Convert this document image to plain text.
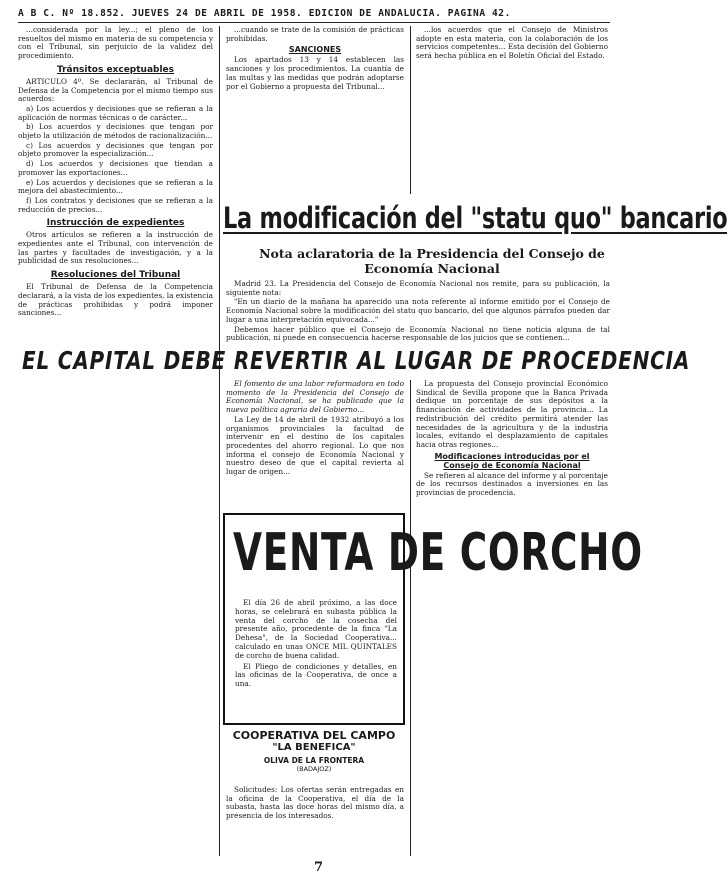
A B C. Nº 18.852. JUEVES 24 DE ABRIL DE 1958. EDICION DE ANDALUCIA. PAGINA 42.

...considerada por la ley...; el pleno de los resueltos del mismo en materia de su competencia y con el Tribunal, sin perjuicio de la validez del procedimiento.

Tránsitos exceptuables

ARTICULO 4º. Se declararán, al Tribunal de Defensa de la Competencia por el mismo tiempo sus acuerdos:

a) Los acuerdos y decisiones que se refieran a la aplicación de normas técnicas o de carácter...

b) Los acuerdos y decisiones que tengan por objeto la utilización de métodos de racionalización...

c) Los acuerdos y decisiones que tengan por objeto promover la especialización...

d) Los acuerdos y decisiones que tiendan a promover las exportaciones...

e) Los acuerdos y decisiones que se refieran a la mejora del abastecimiento...

f) Los contratos y decisiones que se refieran a la reducción de precios...

Instrucción de expedientes

Otros artículos se refieren a la instrucción de expedientes ante el Tribunal, con intervención de las partes y facultades de investigación, y a la publicidad de sus resoluciones...

Resoluciones del Tribunal

El Tribunal de Defensa de la Competencia declarará, a la vista de los expedientes, la existencia de prácticas prohibidas y podrá imponer sanciones...

...cuando se trate de la comisión de prácticas prohibidas.

SANCIONES

Los apartados 13 y 14 establecen las sanciones y los procedimientos. La cuantía de las multas y las medidas que podrán adoptarse por el Gobierno a propuesta del Tribunal...

...los acuerdos que el Consejo de Ministros adopte en esta materia, con la colaboración de los servicios competentes... Esta decisión del Gobierno será hecha pública en el Boletín Oficial del Estado.

La modificación del "statu quo" bancario
Nota aclaratoria de la Presidencia del Consejo de Economía Nacional

Madrid 23. La Presidencia del Consejo de Economía Nacional nos remite, para su publicación, la siguiente nota:

"En un diario de la mañana ha aparecido una nota referente al informe emitido por el Consejo de Economía Nacional sobre la modificación del statu quo bancario, del que algunos párrafos pueden dar lugar a una interpretación equivocada..."

Debemos hacer público que el Consejo de Economía Nacional no tiene noticia alguna de tal publicación, ni puede en consecuencia hacerse responsable de los juicios que se contienen...

EL CAPITAL DEBE REVERTIR AL LUGAR DE PROCEDENCIA

El fomento de una labor reformadora en todo momento de la Presidencia del Consejo de Economía Nacional, se ha publicado que la nueva política agraria del Gobierno...

La Ley de 14 de abril de 1932 atribuyó a los organismos provinciales la facultad de intervenir en el destino de los capitales procedentes del ahorro regional. Lo que nos informa el consejo de Economía Nacional y nuestro deseo de que el capital revierta al lugar de origen...

La propuesta del Consejo provincial Económico Sindical de Sevilla propone que la Banca Privada dedique un porcentaje de sus depósitos a la financiación de actividades de la provincia... La redistribución del crédito permitirá atender las necesidades de la agricultura y de la industria locales, evitando el desplazamiento de capitales hacia otras regiones...

Modificaciones introducidas por el Consejo de Economía Nacional

Se refieren al alcance del informe y al porcentaje de los recursos destinados a inversiones en las provincias de procedencia.

VENTA DE CORCHO

El día 26 de abril próximo, a las doce horas, se celebrará en subasta pública la venta del corcho de la cosecha del presente año, procedente de la finca "La Dehesa", de la Sociedad Cooperativa... calculado en unas ONCE MIL QUINTALES de corcho de buena calidad.

El Pliego de condiciones y detalles, en las oficinas de la Cooperativa, de once a una.

COOPERATIVA DEL CAMPO
"LA BENEFICA"
OLIVA DE LA FRONTERA
(BADAJOZ)

Solicitudes: Los ofertas serán entregadas en la oficina de la Cooperativa, el día de la subasta, hasta las doce horas del mismo día, a presencia de los interesados.

7
